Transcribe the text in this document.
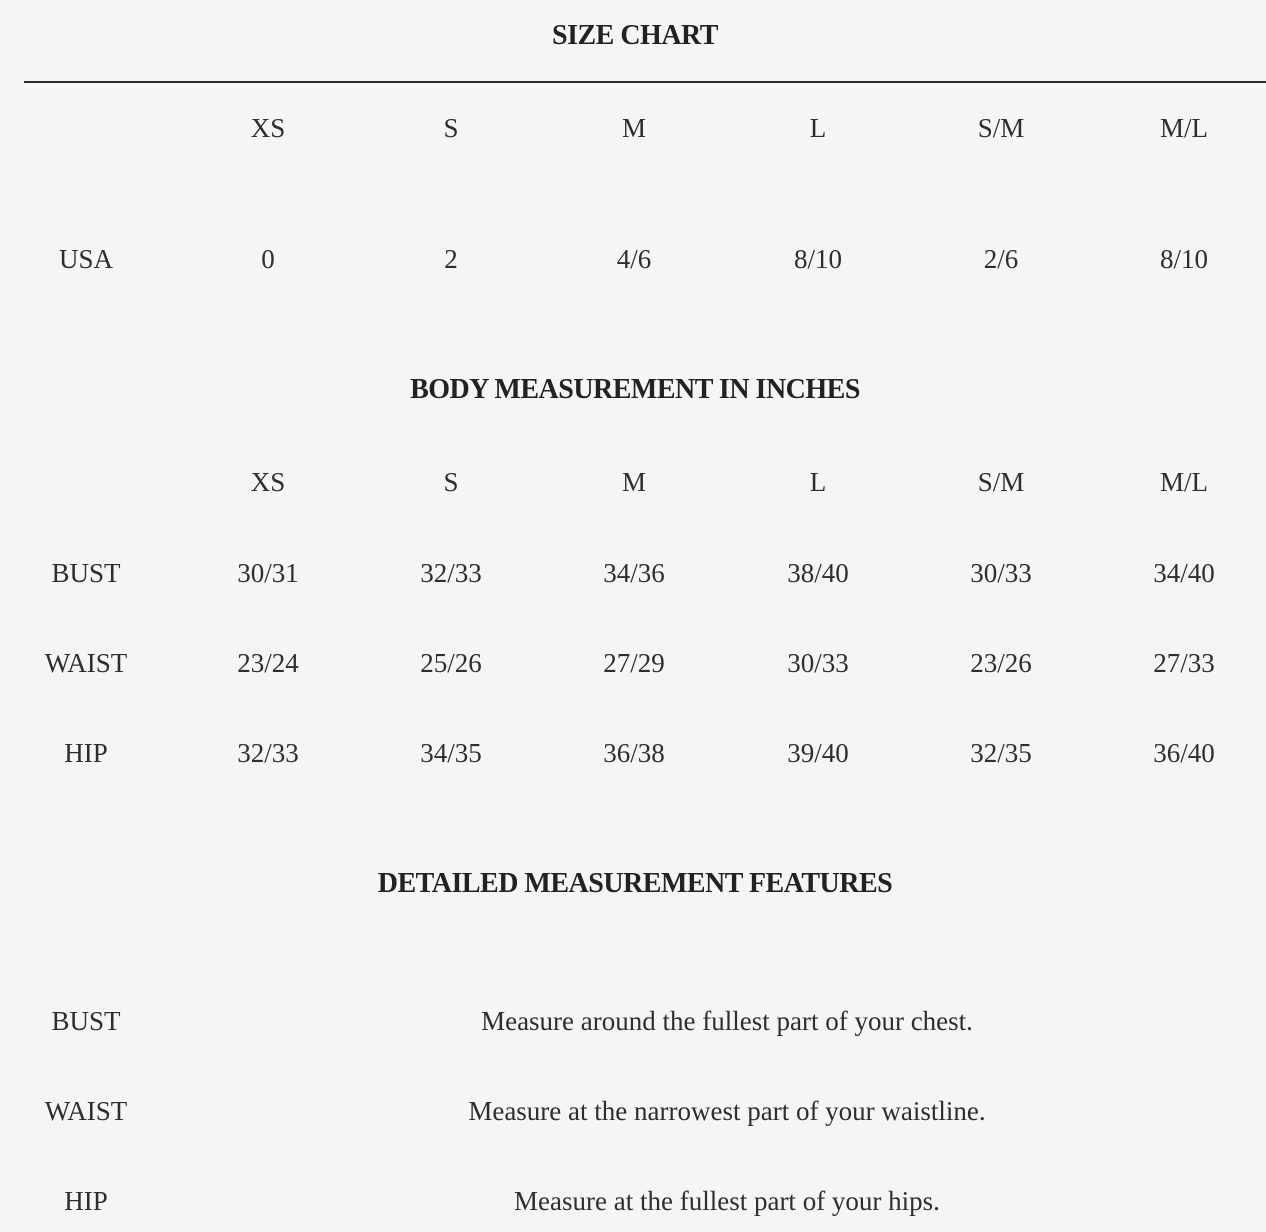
SIZE CHART
XS	S	M	L	S/M	M/L
USA	0	2	4/6	8/10	2/6	8/10
BODY MEASUREMENT IN INCHES
XS	S	M	L	S/M	M/L
BUST	30/31	32/33	34/36	38/40	30/33	34/40
WAIST	23/24	25/26	27/29	30/33	23/26	27/33
HIP	32/33	34/35	36/38	39/40	32/35	36/40
DETAILED MEASUREMENT FEATURES
BUST	Measure around the fullest part of your chest.
WAIST	Measure at the narrowest part of your waistline.
HIP	Measure at the fullest part of your hips.
